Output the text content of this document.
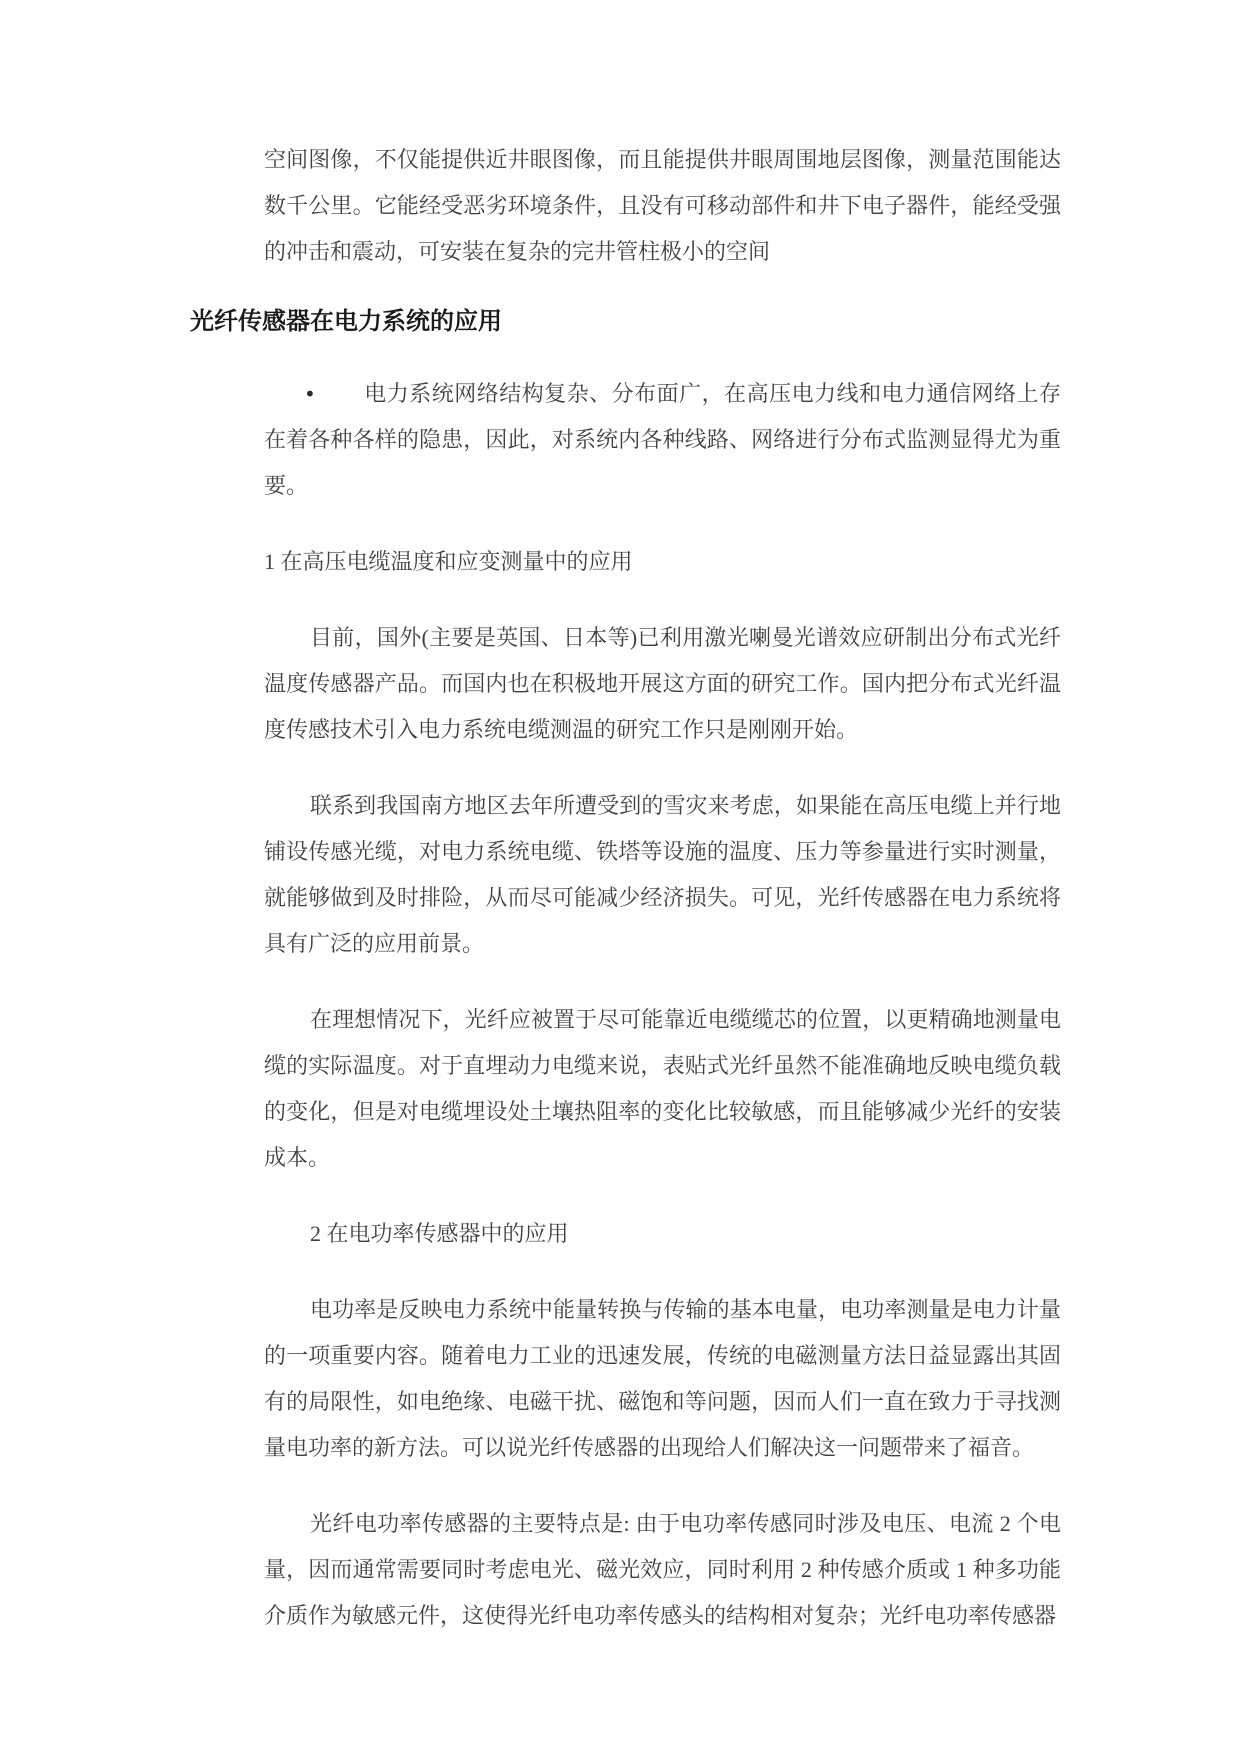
空间图像，不仅能提供近井眼图像，而且能提供井眼周围地层图像，测量范围能达数千公里。它能经受恶劣环境条件，且没有可移动部件和井下电子器件，能经受强的冲击和震动，可安装在复杂的完井管柱极小的空间

光纤传感器在电力系统的应用

• 电力系统网络结构复杂、分布面广，在高压电力线和电力通信网络上存在着各种各样的隐患，因此，对系统内各种线路、网络进行分布式监测显得尤为重要。

1 在高压电缆温度和应变测量中的应用

目前，国外(主要是英国、日本等)已利用激光喇曼光谱效应研制出分布式光纤温度传感器产品。而国内也在积极地开展这方面的研究工作。国内把分布式光纤温度传感技术引入电力系统电缆测温的研究工作只是刚刚开始。

联系到我国南方地区去年所遭受到的雪灾来考虑，如果能在高压电缆上并行地铺设传感光缆，对电力系统电缆、铁塔等设施的温度、压力等参量进行实时测量，就能够做到及时排险，从而尽可能减少经济损失。可见，光纤传感器在电力系统将具有广泛的应用前景。

在理想情况下，光纤应被置于尽可能靠近电缆缆芯的位置，以更精确地测量电缆的实际温度。对于直埋动力电缆来说，表贴式光纤虽然不能准确地反映电缆负载的变化，但是对电缆埋设处土壤热阻率的变化比较敏感，而且能够减少光纤的安装成本。

2 在电功率传感器中的应用

电功率是反映电力系统中能量转换与传输的基本电量，电功率测量是电力计量的一项重要内容。随着电力工业的迅速发展，传统的电磁测量方法日益显露出其固有的局限性，如电绝缘、电磁干扰、磁饱和等问题，因而人们一直在致力于寻找测量电功率的新方法。可以说光纤传感器的出现给人们解决这一问题带来了福音。

光纤电功率传感器的主要特点是: 由于电功率传感同时涉及电压、电流 2 个电量，因而通常需要同时考虑电光、磁光效应，同时利用 2 种传感介质或 1 种多功能介质作为敏感元件，这使得光纤电功率传感头的结构相对复杂；光纤电功率传感器
